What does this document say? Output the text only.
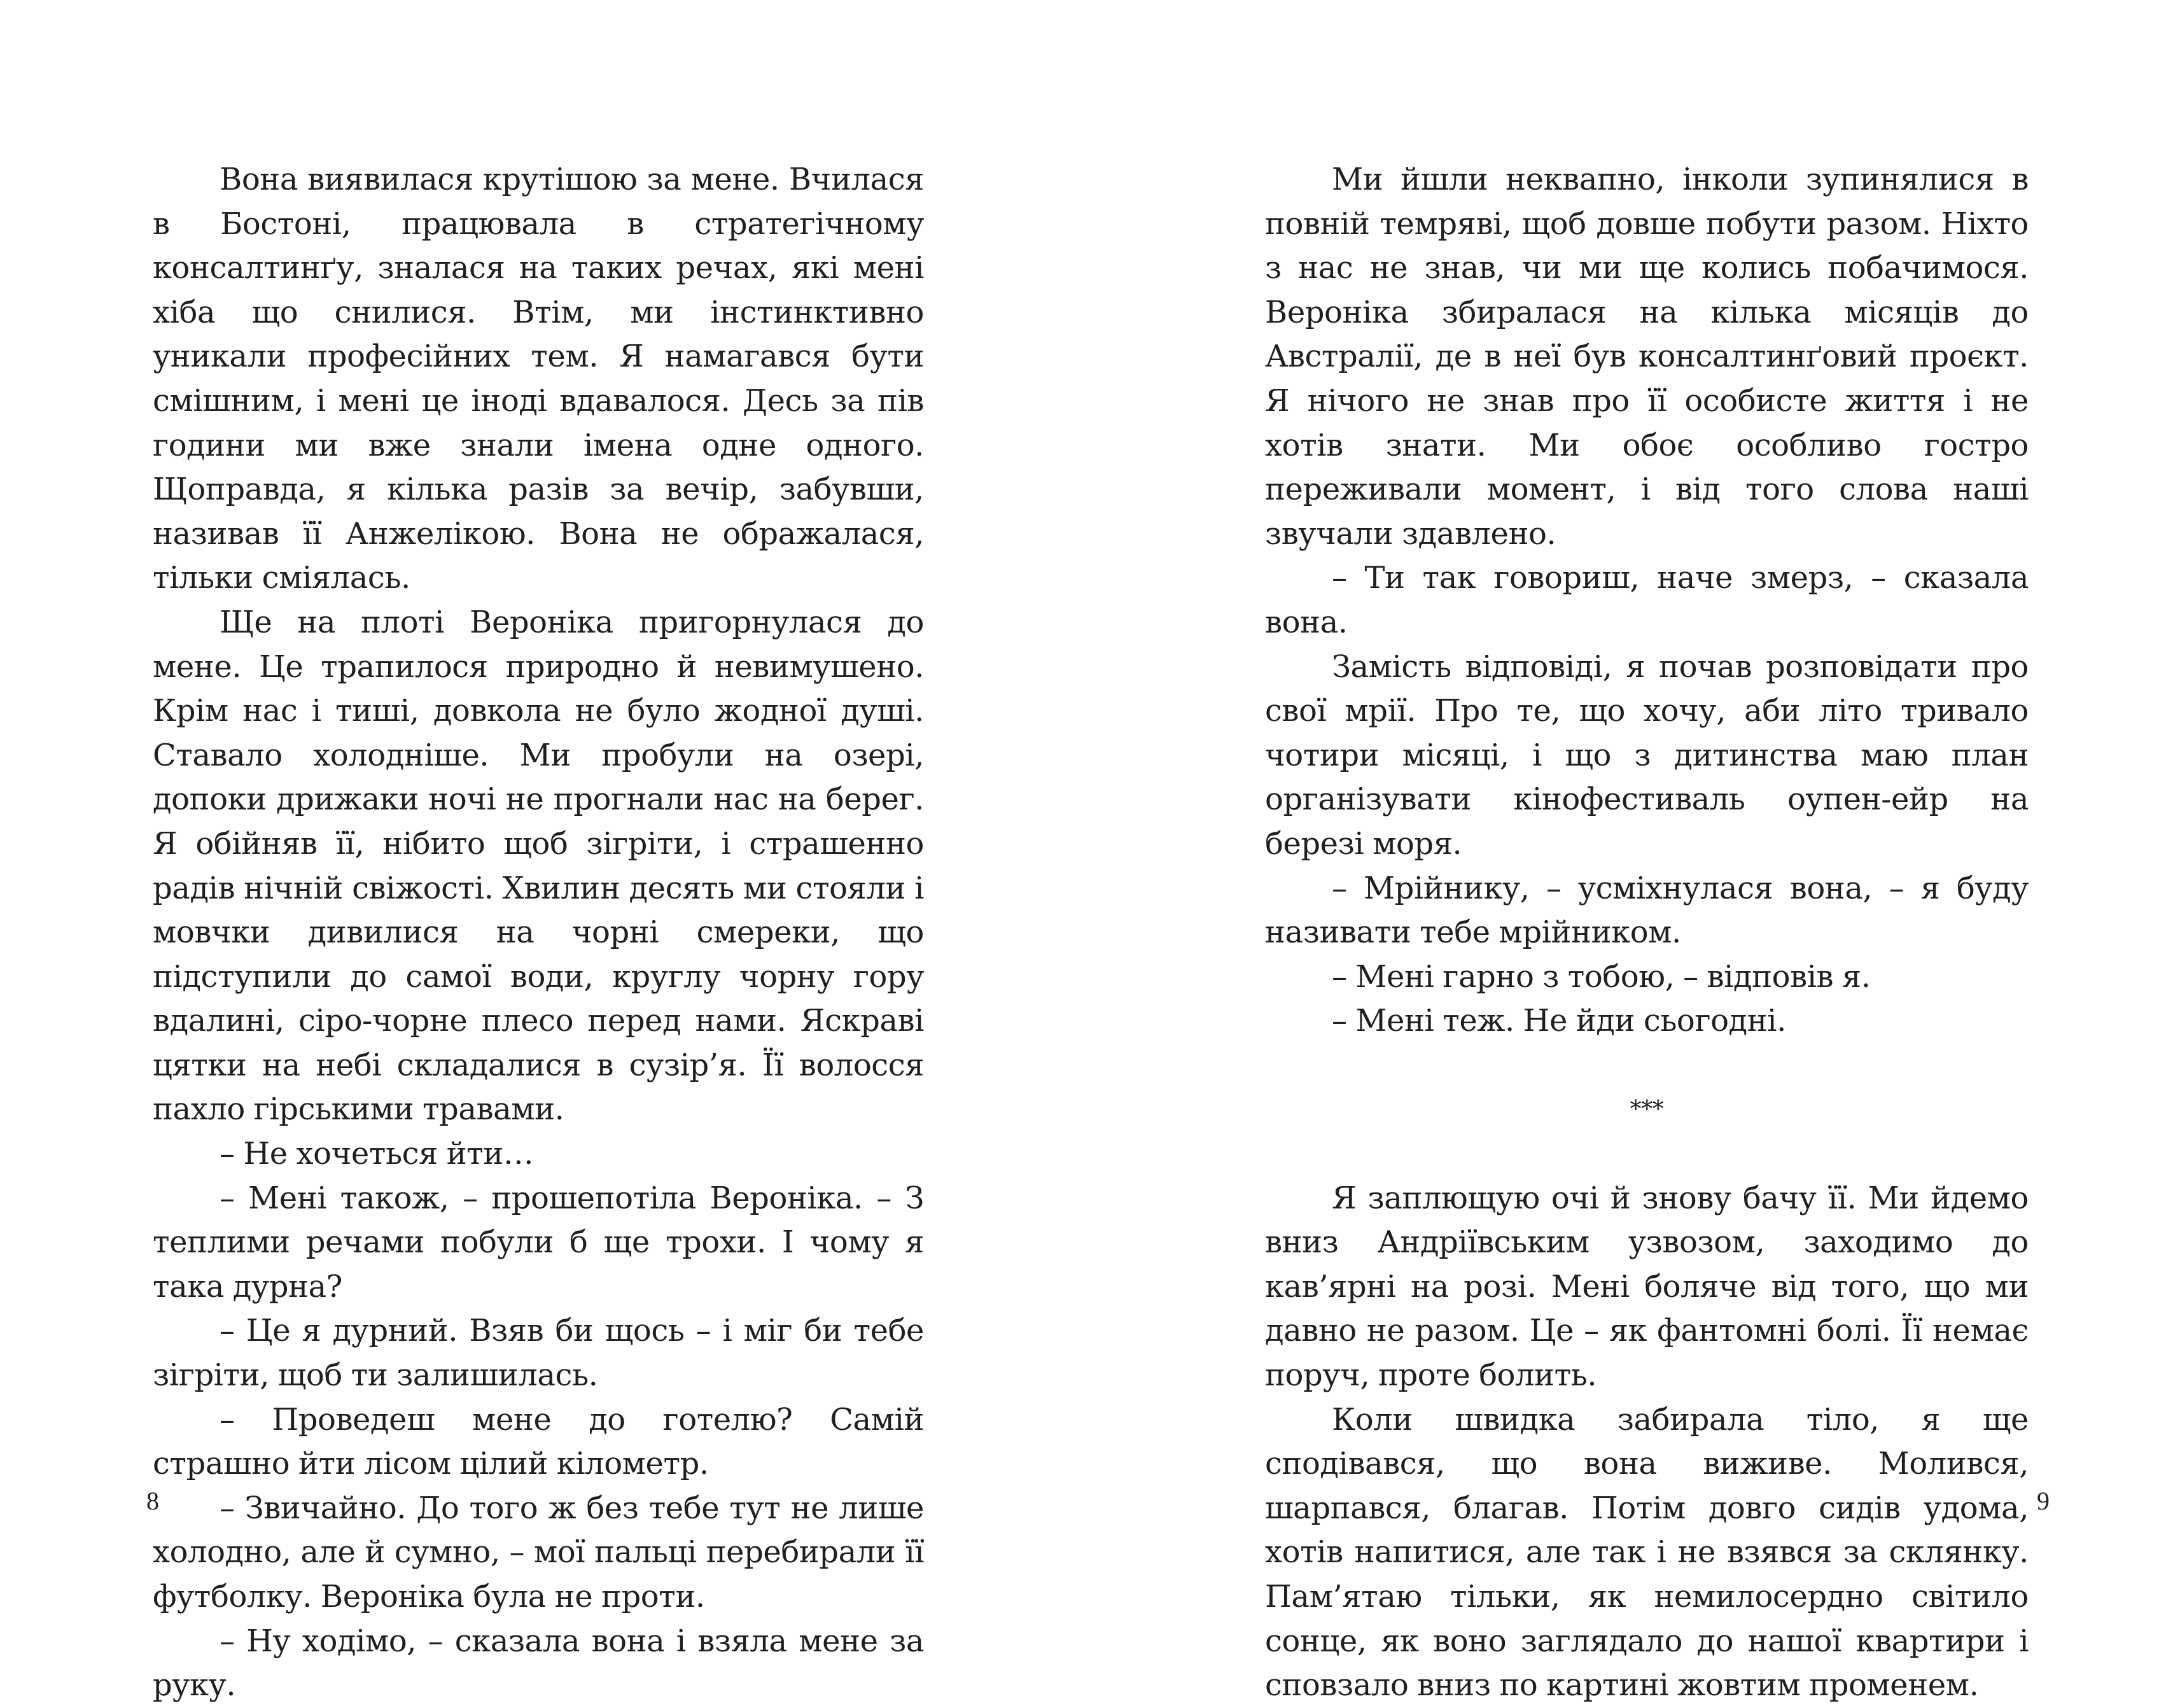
Вона виявилася крутішою за мене. Вчилася в Бостоні, працювала в стратегічному консалтинґу, зналася на таких речах, які мені хіба що снилися. Втім, ми інстинктивно уникали професійних тем. Я намагався бути смішним, і мені це іноді вдавалося. Десь за пів години ми вже знали імена одне одного. Щоправда, я кілька разів за вечір, забувши, називав її Анжелікою. Вона не ображалася, тільки сміялась.

Ще на плоті Вероніка пригорнулася до мене. Це трапилося природно й невимушено. Крім нас і тиші, довкола не було жодної душі. Ставало холодніше. Ми пробули на озері, допоки дрижаки ночі не прогнали нас на берег. Я обійняв її, нібито щоб зігріти, і страшенно радів нічній свіжості. Хвилин десять ми стояли і мовчки дивилися на чорні смереки, що підступили до самої води, круглу чорну гору вдалині, сіро-чорне плесо перед нами. Яскраві цятки на небі складалися в сузір’я. Її волосся пахло гірськими травами.

– Не хочеться йти…

– Мені також, – прошепотіла Вероніка. – З теплими речами побули б ще трохи. І чому я така дурна?

– Це я дурний. Взяв би щось – і міг би тебе зігріти, щоб ти залишилась.

– Проведеш мене до готелю? Самій страшно йти лісом цілий кілометр.

– Звичайно. До того ж без тебе тут не лише холодно, але й сумно, – мої пальці перебирали її футболку. Вероніка була не проти.

– Ну ходімо, – сказала вона і взяла мене за руку.

8

Ми йшли неквапно, інколи зупинялися в повній темряві, щоб довше побути разом. Ніхто з нас не знав, чи ми ще колись побачимося. Вероніка збиралася на кілька місяців до Австралії, де в неї був консалтинґовий проєкт. Я нічого не знав про її особисте життя і не хотів знати. Ми обоє особливо гостро переживали момент, і від того слова наші звучали здавлено.

– Ти так говориш, наче змерз, – сказала вона.

Замість відповіді, я почав розповідати про свої мрії. Про те, що хочу, аби літо тривало чотири місяці, і що з дитинства маю план організувати кінофестиваль оупен-ейр на березі моря.

– Мрійнику, – усміхнулася вона, – я буду називати тебе мрійником.

– Мені гарно з тобою, – відповів я.

– Мені теж. Не йди сьогодні.

***

Я заплющую очі й знову бачу її. Ми йдемо вниз Андріївським узвозом, заходимо до кав’ярні на розі. Мені боляче від того, що ми давно не разом. Це – як фантомні болі. Її немає поруч, проте болить.

Коли швидка забирала тіло, я ще сподівався, що вона виживе. Молився, шарпався, благав. Потім довго сидів удома, хотів напитися, але так і не взявся за склянку. Пам’ятаю тільки, як немилосердно світило сонце, як воно заглядало до нашої квартири і сповзало вниз по картині жовтим променем.

9
